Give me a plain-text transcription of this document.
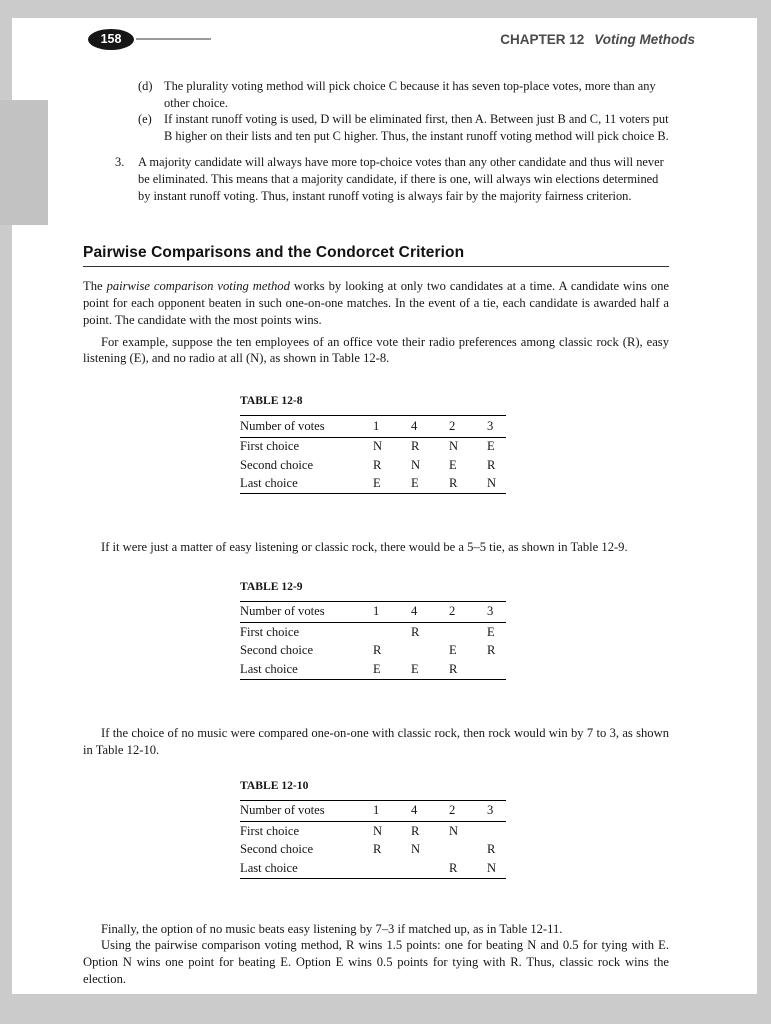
158	CHAPTER 12 Voting Methods
(d) The plurality voting method will pick choice C because it has seven top-place votes, more than any other choice.
(e) If instant runoff voting is used, D will be eliminated first, then A. Between just B and C, 11 voters put B higher on their lists and ten put C higher. Thus, the instant runoff voting method will pick choice B.
3.	A majority candidate will always have more top-choice votes than any other candidate and thus will never be eliminated. This means that a majority candidate, if there is one, will always win elections determined by instant runoff voting. Thus, instant runoff voting is always fair by the majority fairness criterion.
Pairwise Comparisons and the Condorcet Criterion

The pairwise comparison voting method works by looking at only two candidates at a time. A candidate wins one point for each opponent beaten in such one-on-one matches. In the event of a tie, each candidate is awarded half a point. The candidate with the most points wins.

For example, suppose the ten employees of an office vote their radio preferences among classic rock (R), easy listening (E), and no radio at all (N), as shown in Table 12-8.

TABLE 12-8
Number of votes	1	4	2	3
First choice	N	R	N	E
Second choice	R	N	E	R
Last choice	E	E	R	N

If it were just a matter of easy listening or classic rock, there would be a 5–5 tie, as shown in Table 12-9.

TABLE 12-9
Number of votes	1	4	2	3
First choice		R		E
Second choice	R		E	R
Last choice	E	E	R	

If the choice of no music were compared one-on-one with classic rock, then rock would win by 7 to 3, as shown in Table 12-10.

TABLE 12-10
Number of votes	1	4	2	3
First choice	N	R	N	
Second choice	R	N		R
Last choice			R	N

Finally, the option of no music beats easy listening by 7–3 if matched up, as in Table 12-11.

Using the pairwise comparison voting method, R wins 1.5 points: one for beating N and 0.5 for tying with E. Option N wins one point for beating E. Option E wins 0.5 points for tying with R. Thus, classic rock wins the election.
